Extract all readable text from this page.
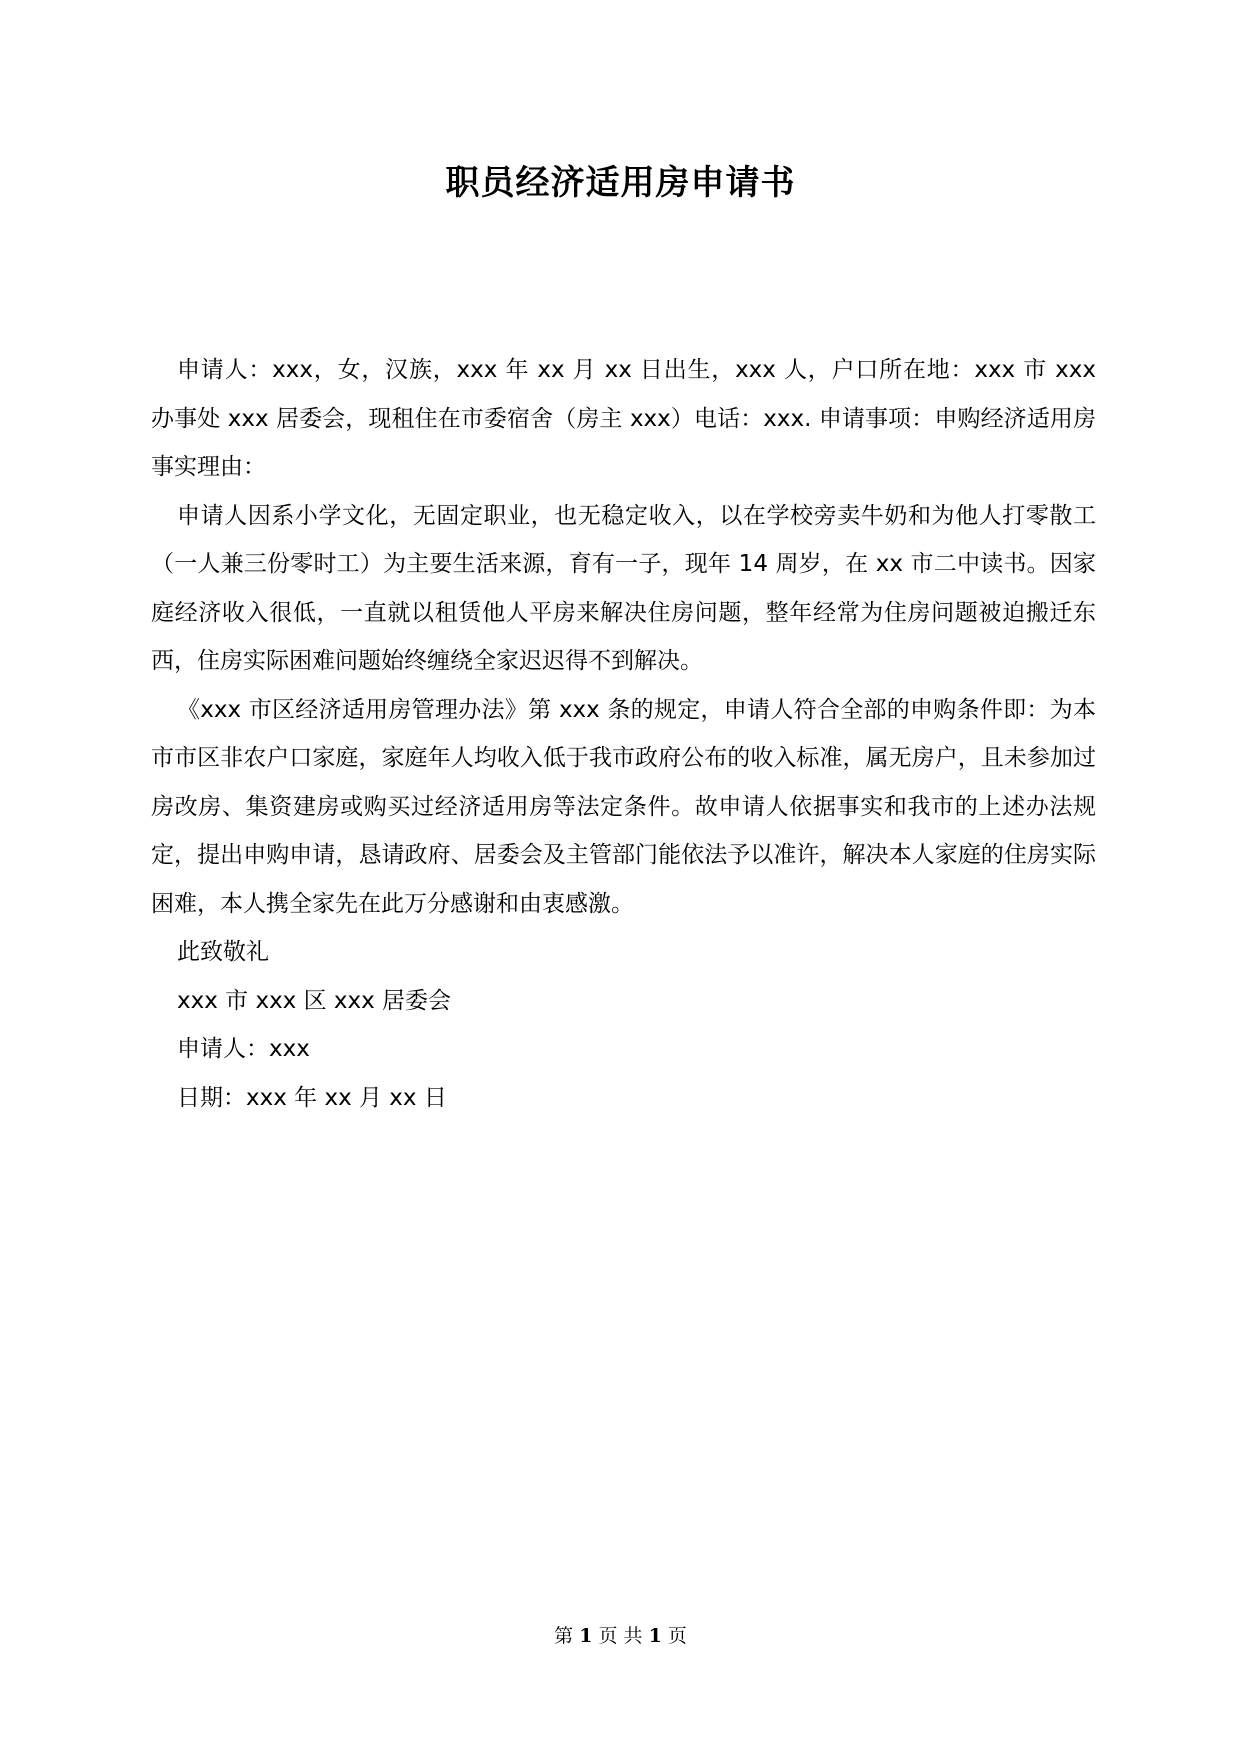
职员经济适用房申请书

申请人：xxx，女，汉族，xxx 年 xx 月 xx 日出生，xxx 人，户口所在地：xxx 市 xxx 办事处 xxx 居委会，现租住在市委宿舍（房主 xxx）电话：xxx. 申请事项：申购经济适用房事实理由：

申请人因系小学文化，无固定职业，也无稳定收入，以在学校旁卖牛奶和为他人打零散工（一人兼三份零时工）为主要生活来源，育有一子，现年 14 周岁，在 xx 市二中读书。因家庭经济收入很低，一直就以租赁他人平房来解决住房问题，整年经常为住房问题被迫搬迁东西，住房实际困难问题始终缠绕全家迟迟得不到解决。

《xxx 市区经济适用房管理办法》第 xxx 条的规定，申请人符合全部的申购条件即：为本市市区非农户口家庭，家庭年人均收入低于我市政府公布的收入标准，属无房户，且未参加过房改房、集资建房或购买过经济适用房等法定条件。故申请人依据事实和我市的上述办法规定，提出申购申请，恳请政府、居委会及主管部门能依法予以准许，解决本人家庭的住房实际困难，本人携全家先在此万分感谢和由衷感激。

此致敬礼

xxx 市 xxx 区 xxx 居委会

申请人：xxx

日期：xxx 年 xx 月 xx 日

第 1 页 共 1 页
